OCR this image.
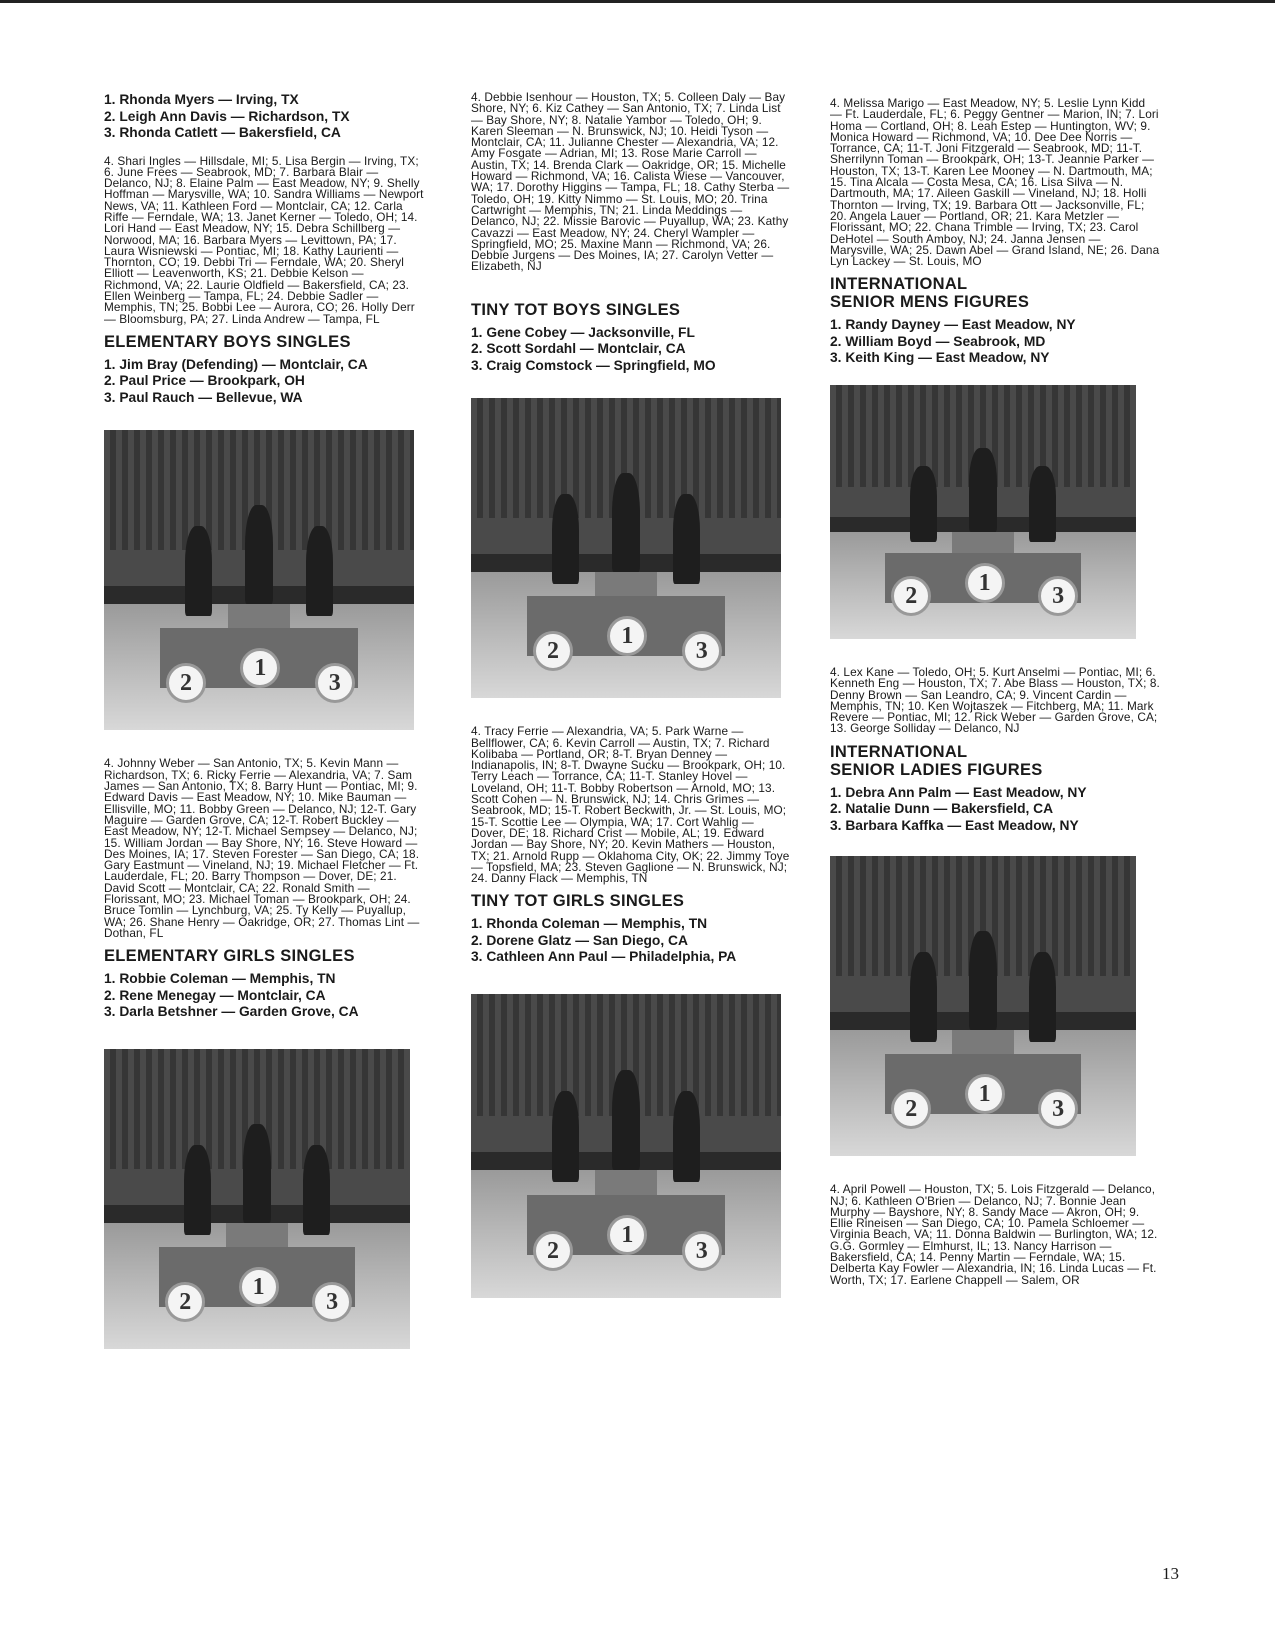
1. Rhonda Myers — Irving, TX
2. Leigh Ann Davis — Richardson, TX
3. Rhonda Catlett — Bakersfield, CA

4. Shari Ingles — Hillsdale, MI; 5. Lisa Bergin — Irving, TX; 6. June Frees — Seabrook, MD; 7. Barbara Blair — Delanco, NJ; 8. Elaine Palm — East Meadow, NY; 9. Shelly Hoffman — Marysville, WA; 10. Sandra Williams — Newport News, VA; 11. Kathleen Ford — Montclair, CA; 12. Carla Riffe — Ferndale, WA; 13. Janet Kerner — Toledo, OH; 14. Lori Hand — East Meadow, NY; 15. Debra Schillberg — Norwood, MA; 16. Barbara Myers — Levittown, PA; 17. Laura Wisniewski — Pontiac, MI; 18. Kathy Laurienti — Thornton, CO; 19. Debbi Tri — Ferndale, WA; 20. Sheryl Elliott — Leavenworth, KS; 21. Debbie Kelson — Richmond, VA; 22. Laurie Oldfield — Bakersfield, CA; 23. Ellen Weinberg — Tampa, FL; 24. Debbie Sadler — Memphis, TN; 25. Bobbi Lee — Aurora, CO; 26. Holly Derr — Bloomsburg, PA; 27. Linda Andrew — Tampa, FL

ELEMENTARY BOYS SINGLES
1. Jim Bray (Defending) — Montclair, CA
2. Paul Price — Brookpark, OH
3. Paul Rauch — Bellevue, WA
2
1
3

4. Johnny Weber — San Antonio, TX; 5. Kevin Mann — Richardson, TX; 6. Ricky Ferrie — Alexandria, VA; 7. Sam James — San Antonio, TX; 8. Barry Hunt — Pontiac, MI; 9. Edward Davis — East Meadow, NY; 10. Mike Bauman — Ellisville, MO; 11. Bobby Green — Delanco, NJ; 12-T. Gary Maguire — Garden Grove, CA; 12-T. Robert Buckley — East Meadow, NY; 12-T. Michael Sempsey — Delanco, NJ; 15. William Jordan — Bay Shore, NY; 16. Steve Howard — Des Moines, IA; 17. Steven Forester — San Diego, CA; 18. Gary Eastmunt — Vineland, NJ; 19. Michael Fletcher — Ft. Lauderdale, FL; 20. Barry Thompson — Dover, DE; 21. David Scott — Montclair, CA; 22. Ronald Smith — Florissant, MO; 23. Michael Toman — Brookpark, OH; 24. Bruce Tomlin — Lynchburg, VA; 25. Ty Kelly — Puyallup, WA; 26. Shane Henry — Oakridge, OR; 27. Thomas Lint — Dothan, FL

ELEMENTARY GIRLS SINGLES
1. Robbie Coleman — Memphis, TN
2. Rene Menegay — Montclair, CA
3. Darla Betshner — Garden Grove, CA
2
1
3

4. Debbie Isenhour — Houston, TX; 5. Colleen Daly — Bay Shore, NY; 6. Kiz Cathey — San Antonio, TX; 7. Linda List — Bay Shore, NY; 8. Natalie Yambor — Toledo, OH; 9. Karen Sleeman — N. Brunswick, NJ; 10. Heidi Tyson — Montclair, CA; 11. Julianne Chester — Alexandria, VA; 12. Amy Fosgate — Adrian, MI; 13. Rose Marie Carroll — Austin, TX; 14. Brenda Clark — Oakridge, OR; 15. Michelle Howard — Richmond, VA; 16. Calista Wiese — Vancouver, WA; 17. Dorothy Higgins — Tampa, FL; 18. Cathy Sterba — Toledo, OH; 19. Kitty Nimmo — St. Louis, MO; 20. Trina Cartwright — Memphis, TN; 21. Linda Meddings — Delanco, NJ; 22. Missie Barovic — Puyallup, WA; 23. Kathy Cavazzi — East Meadow, NY; 24. Cheryl Wampler — Springfield, MO; 25. Maxine Mann — Richmond, VA; 26. Debbie Jurgens — Des Moines, IA; 27. Carolyn Vetter — Elizabeth, NJ

TINY TOT BOYS SINGLES
1. Gene Cobey — Jacksonville, FL
2. Scott Sordahl — Montclair, CA
3. Craig Comstock — Springfield, MO
2
1
3

4. Tracy Ferrie — Alexandria, VA; 5. Park Warne — Bellflower, CA; 6. Kevin Carroll — Austin, TX; 7. Richard Kolibaba — Portland, OR; 8-T. Bryan Denney — Indianapolis, IN; 8-T. Dwayne Sucku — Brookpark, OH; 10. Terry Leach — Torrance, CA; 11-T. Stanley Hovel — Loveland, OH; 11-T. Bobby Robertson — Arnold, MO; 13. Scott Cohen — N. Brunswick, NJ; 14. Chris Grimes — Seabrook, MD; 15-T. Robert Beckwith, Jr. — St. Louis, MO; 15-T. Scottie Lee — Olympia, WA; 17. Cort Wahlig — Dover, DE; 18. Richard Crist — Mobile, AL; 19. Edward Jordan — Bay Shore, NY; 20. Kevin Mathers — Houston, TX; 21. Arnold Rupp — Oklahoma City, OK; 22. Jimmy Toye — Topsfield, MA; 23. Steven Gaglione — N. Brunswick, NJ; 24. Danny Flack — Memphis, TN

TINY TOT GIRLS SINGLES
1. Rhonda Coleman — Memphis, TN
2. Dorene Glatz — San Diego, CA
3. Cathleen Ann Paul — Philadelphia, PA
2
1
3

4. Melissa Marigo — East Meadow, NY; 5. Leslie Lynn Kidd — Ft. Lauderdale, FL; 6. Peggy Gentner — Marion, IN; 7. Lori Homa — Cortland, OH; 8. Leah Estep — Huntington, WV; 9. Monica Howard — Richmond, VA; 10. Dee Dee Norris — Torrance, CA; 11-T. Joni Fitzgerald — Seabrook, MD; 11-T. Sherrilynn Toman — Brookpark, OH; 13-T. Jeannie Parker — Houston, TX; 13-T. Karen Lee Mooney — N. Dartmouth, MA; 15. Tina Alcala — Costa Mesa, CA; 16. Lisa Silva — N. Dartmouth, MA; 17. Aileen Gaskill — Vineland, NJ; 18. Holli Thornton — Irving, TX; 19. Barbara Ott — Jacksonville, FL; 20. Angela Lauer — Portland, OR; 21. Kara Metzler — Florissant, MO; 22. Chana Trimble — Irving, TX; 23. Carol DeHotel — South Amboy, NJ; 24. Janna Jensen — Marysville, WA; 25. Dawn Abel — Grand Island, NE; 26. Dana Lyn Lackey — St. Louis, MO

INTERNATIONAL
SENIOR MENS FIGURES
1. Randy Dayney — East Meadow, NY
2. William Boyd — Seabrook, MD
3. Keith King — East Meadow, NY
2	1	3

4. Lex Kane — Toledo, OH; 5. Kurt Anselmi — Pontiac, MI; 6. Kenneth Eng — Houston, TX; 7. Abe Blass — Houston, TX; 8. Denny Brown — San Leandro, CA; 9. Vincent Cardin — Memphis, TN; 10. Ken Wojtaszek — Fitchberg, MA; 11. Mark Revere — Pontiac, MI; 12. Rick Weber — Garden Grove, CA; 13. George Solliday — Delanco, NJ

INTERNATIONAL
SENIOR LADIES FIGURES
1. Debra Ann Palm — East Meadow, NY
2. Natalie Dunn — Bakersfield, CA
3. Barbara Kaffka — East Meadow, NY
2
1
3

4. April Powell — Houston, TX; 5. Lois Fitzgerald — Delanco, NJ; 6. Kathleen O'Brien — Delanco, NJ; 7. Bonnie Jean Murphy — Bayshore, NY; 8. Sandy Mace — Akron, OH; 9. Ellie Rineisen — San Diego, CA; 10. Pamela Schloemer — Virginia Beach, VA; 11. Donna Baldwin — Burlington, WA; 12. G.G. Gormley — Elmhurst, IL; 13. Nancy Harrison — Bakersfield, CA; 14. Penny Martin — Ferndale, WA; 15. Delberta Kay Fowler — Alexandria, IN; 16. Linda Lucas — Ft. Worth, TX; 17. Earlene Chappell — Salem, OR

13
